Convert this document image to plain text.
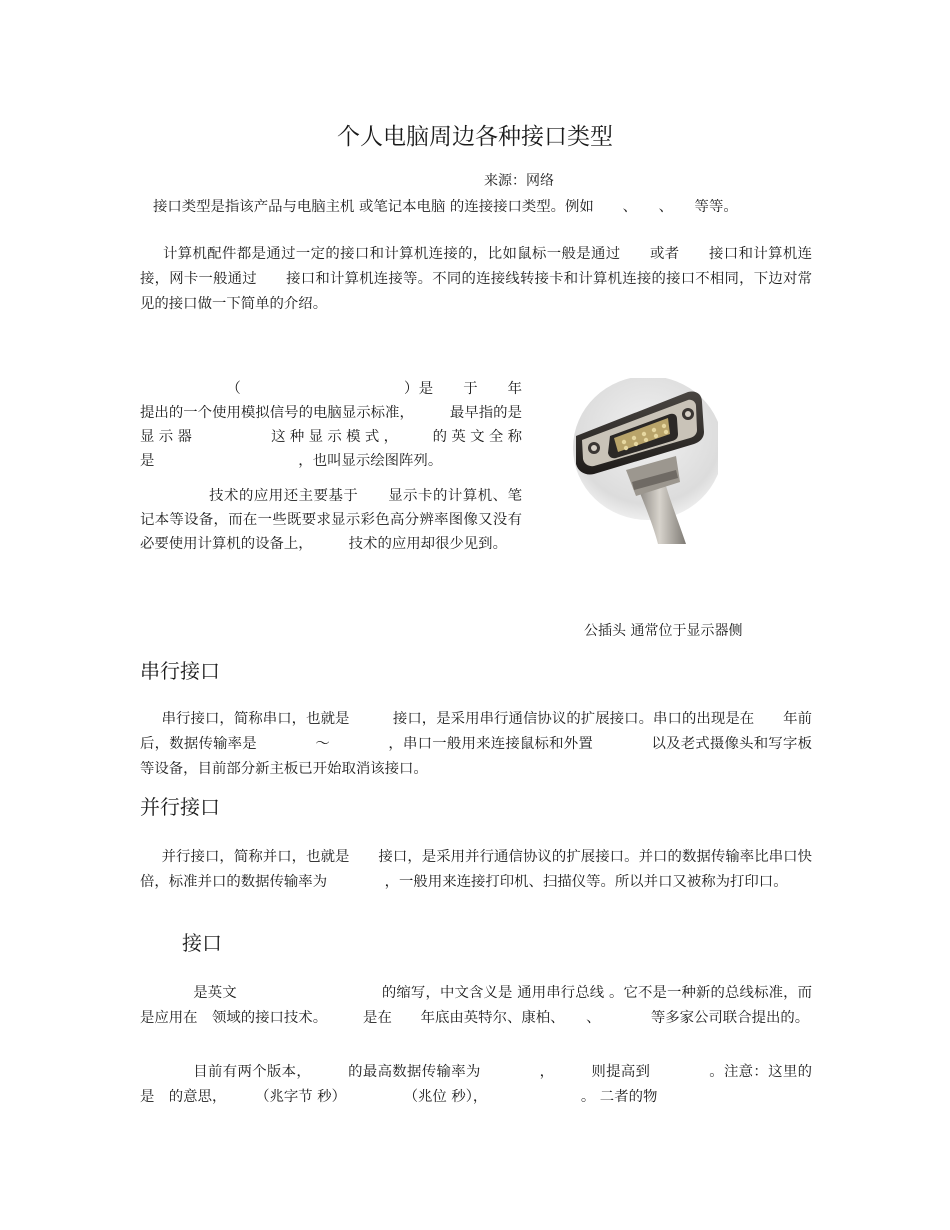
个人电脑周边各种接口类型
来源：网络

接口类型是指该产品与电脑主机 或笔记本电脑 的连接接口类型。例如　　、　　、　　等等。

计算机配件都是通过一定的接口和计算机连接的，比如鼠标一般是通过　　或者　　接口和计算机连接，网卡一般通过　　接口和计算机连接等。不同的连接线转接卡和计算机连接的接口不相同，下边对常见的接口做一下简单的介绍。

（　　　　　　　　　　　）是　　于　　年提出的一个使用模拟信号的电脑显示标准，　　　最早指的是显示器　　　　这种显示模式，　　的英文全称是　　　　　　　　　　，也叫显示绘图阵列。

技术的应用还主要基于　　显示卡的计算机、笔记本等设备，而在一些既要求显示彩色高分辨率图像又没有必要使用计算机的设备上，　　　技术的应用却很少见到。

公插头 通常位于显示器侧
串行接口

串行接口，简称串口，也就是　　　接口，是采用串行通信协议的扩展接口。串口的出现是在　　年前后，数据传输率是　　　　～　　　　，串口一般用来连接鼠标和外置　　　　以及老式摄像头和写字板等设备，目前部分新主板已开始取消该接口。

并行接口

并行接口，简称并口，也就是　　接口，是采用并行通信协议的扩展接口。并口的数据传输率比串口快 倍，标准并口的数据传输率为　　　　，一般用来连接打印机、扫描仪等。所以并口又被称为打印口。

接口

是英文　　　　　　　　　　的缩写，中文含义是 通用串行总线 。它不是一种新的总线标准，而是应用在　领域的接口技术。　　　是在　　年底由英特尔、康柏、　　、　　　　等多家公司联合提出的。

目前有两个版本，　　　的最高数据传输率为　　　　，　　　则提高到　　　　。注意：这里的 是　的意思，　　　（兆字节 秒）　　　　　（兆位 秒），　　　　　　　。 二者的物
